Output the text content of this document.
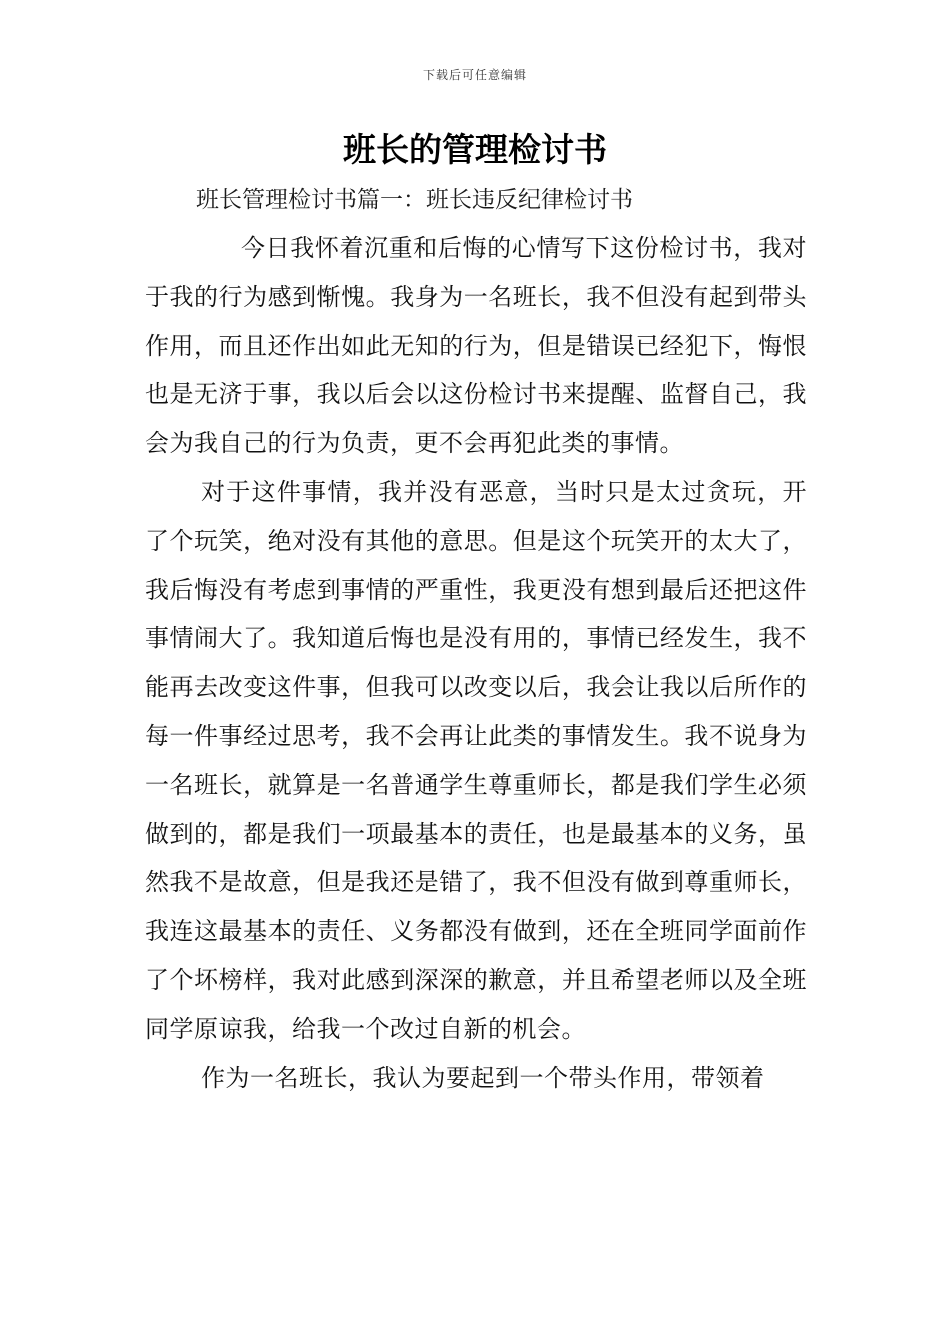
下载后可任意编辑
班长的管理检讨书

班长管理检讨书篇一：班长违反纪律检讨书

今日我怀着沉重和后悔的心情写下这份检讨书，我对于我的行为感到惭愧。我身为一名班长，我不但没有起到带头作用，而且还作出如此无知的行为，但是错误已经犯下，悔恨也是无济于事，我以后会以这份检讨书来提醒、监督自己，我会为我自己的行为负责，更不会再犯此类的事情。

对于这件事情，我并没有恶意，当时只是太过贪玩，开了个玩笑，绝对没有其他的意思。但是这个玩笑开的太大了，我后悔没有考虑到事情的严重性，我更没有想到最后还把这件事情闹大了。我知道后悔也是没有用的，事情已经发生，我不能再去改变这件事，但我可以改变以后，我会让我以后所作的每一件事经过思考，我不会再让此类的事情发生。我不说身为一名班长，就算是一名普通学生尊重师长，都是我们学生必须做到的，都是我们一项最基本的责任，也是最基本的义务，虽然我不是故意，但是我还是错了，我不但没有做到尊重师长，我连这最基本的责任、义务都没有做到，还在全班同学面前作了个坏榜样，我对此感到深深的歉意，并且希望老师以及全班同学原谅我，给我一个改过自新的机会。

作为一名班长，我认为要起到一个带头作用，带领着
